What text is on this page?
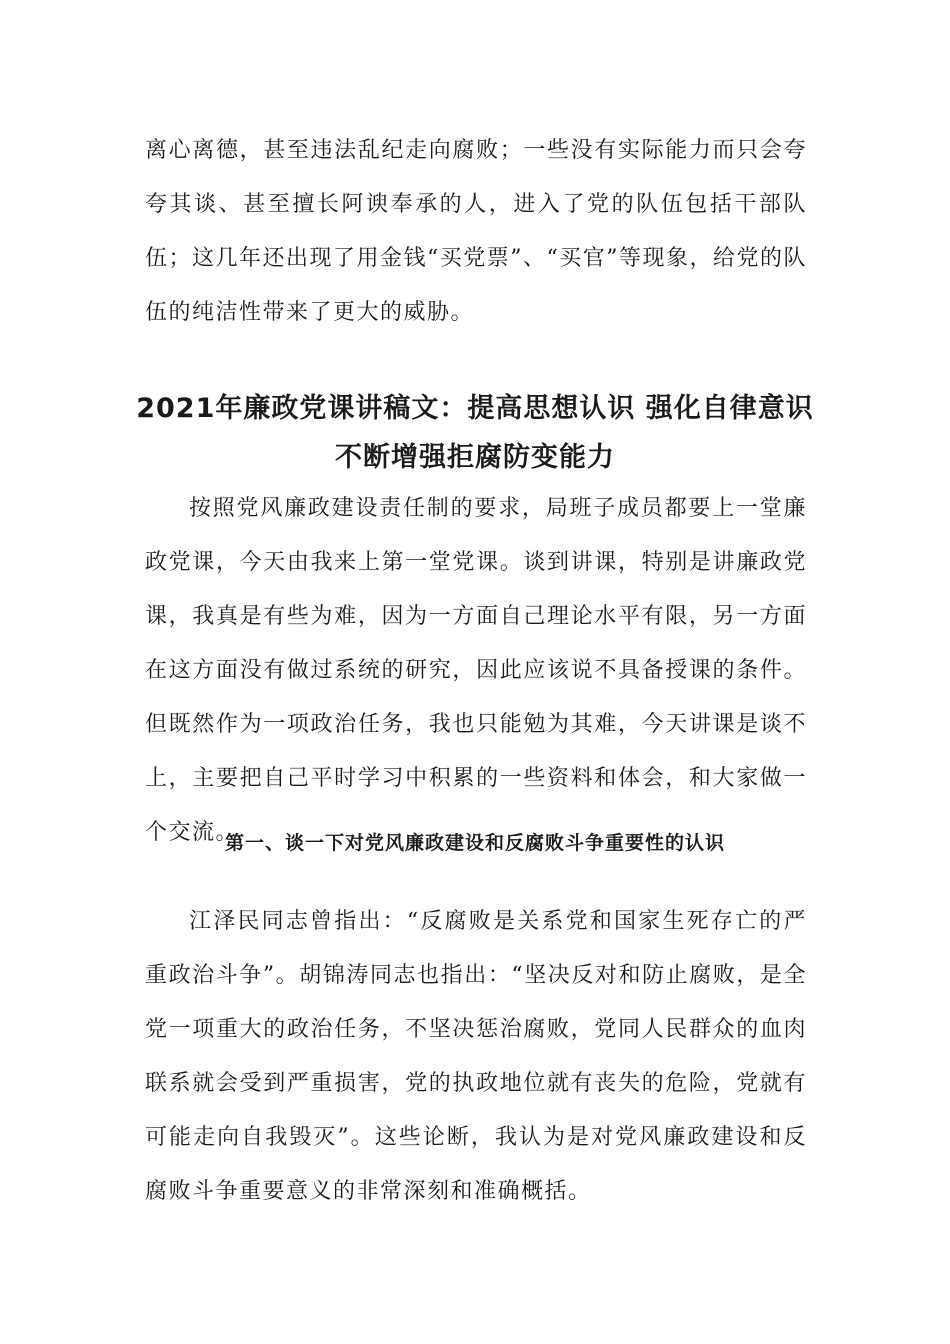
离心离德，甚至违法乱纪走向腐败；一些没有实际能力而只会夸夸其谈、甚至擅长阿谀奉承的人，进入了党的队伍包括干部队伍；这几年还出现了用金钱“买党票”、“买官”等现象，给党的队伍的纯洁性带来了更大的威胁。

2021年廉政党课讲稿文：提高思想认识 强化自律意识 不断增强拒腐防变能力

按照党风廉政建设责任制的要求，局班子成员都要上一堂廉政党课，今天由我来上第一堂党课。谈到讲课，特别是讲廉政党课，我真是有些为难，因为一方面自己理论水平有限，另一方面在这方面没有做过系统的研究，因此应该说不具备授课的条件。但既然作为一项政治任务，我也只能勉为其难，今天讲课是谈不上，主要把自己平时学习中积累的一些资料和体会，和大家做一个交流。

第一、谈一下对党风廉政建设和反腐败斗争重要性的认识

江泽民同志曾指出：“反腐败是关系党和国家生死存亡的严重政治斗争”。胡锦涛同志也指出：“坚决反对和防止腐败，是全党一项重大的政治任务，不坚决惩治腐败，党同人民群众的血肉联系就会受到严重损害，党的执政地位就有丧失的危险，党就有可能走向自我毁灭”。这些论断，我认为是对党风廉政建设和反腐败斗争重要意义的非常深刻和准确概括。
